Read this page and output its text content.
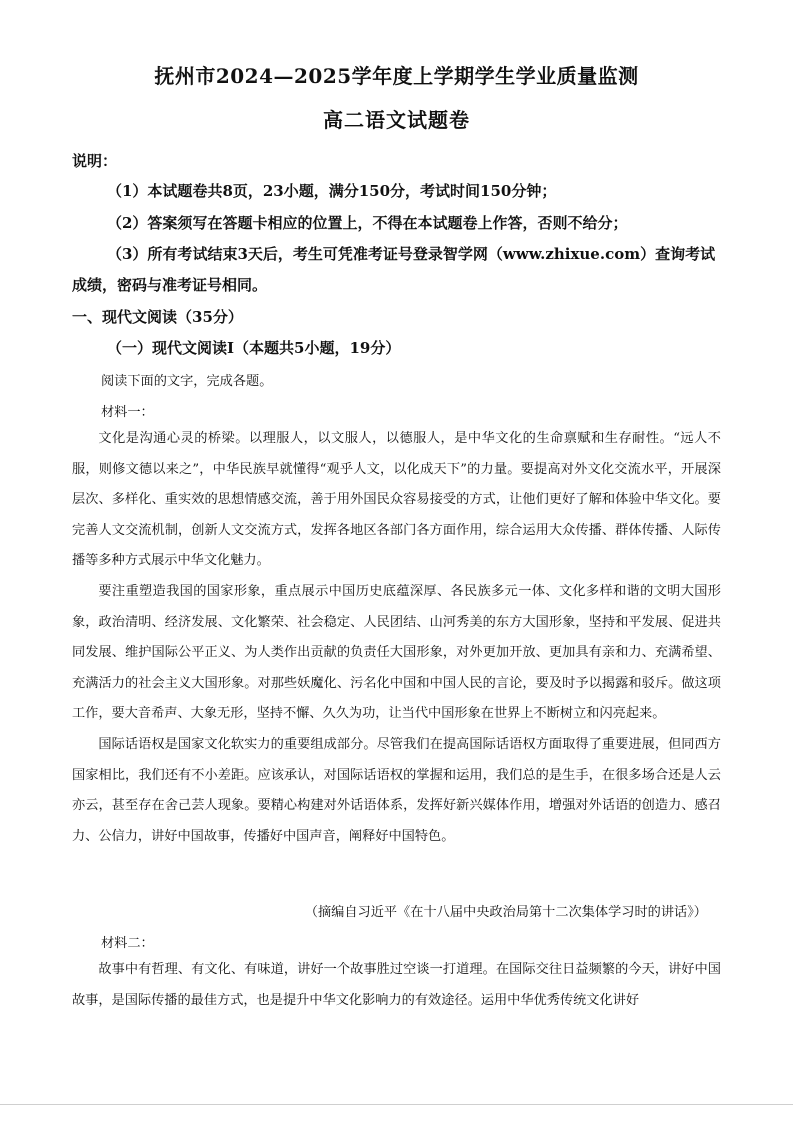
抚州市2024—2025学年度上学期学生学业质量监测
高二语文试题卷
说明：
（1）本试题卷共8页，23小题，满分150分，考试时间150分钟；
（2）答案须写在答题卡相应的位置上，不得在本试题卷上作答，否则不给分；
（3）所有考试结束3天后，考生可凭准考证号登录智学网（www.zhixue.com）查询考试
成绩，密码与准考证号相同。
一、现代文阅读（35分）
（一）现代文阅读Ⅰ（本题共5小题，19分）
阅读下面的文字，完成各题。
材料一：

文化是沟通心灵的桥梁。以理服人，以文服人，以德服人，是中华文化的生命禀赋和生存耐性。“远人不服，则修文德以来之”，中华民族早就懂得“观乎人文，以化成天下”的力量。要提高对外文化交流水平，开展深层次、多样化、重实效的思想情感交流，善于用外国民众容易接受的方式，让他们更好了解和体验中华文化。要完善人文交流机制，创新人文交流方式，发挥各地区各部门各方面作用，综合运用大众传播、群体传播、人际传播等多种方式展示中华文化魅力。

要注重塑造我国的国家形象，重点展示中国历史底蕴深厚、各民族多元一体、文化多样和谐的文明大国形象，政治清明、经济发展、文化繁荣、社会稳定、人民团结、山河秀美的东方大国形象，坚持和平发展、促进共同发展、维护国际公平正义、为人类作出贡献的负责任大国形象，对外更加开放、更加具有亲和力、充满希望、充满活力的社会主义大国形象。对那些妖魔化、污名化中国和中国人民的言论，要及时予以揭露和驳斥。做这项工作，要大音希声、大象无形，坚持不懈、久久为功，让当代中国形象在世界上不断树立和闪亮起来。

国际话语权是国家文化软实力的重要组成部分。尽管我们在提高国际话语权方面取得了重要进展，但同西方国家相比，我们还有不小差距。应该承认，对国际话语权的掌握和运用，我们总的是生手，在很多场合还是人云亦云，甚至存在舍己芸人现象。要精心构建对外话语体系，发挥好新兴媒体作用，增强对外话语的创造力、感召力、公信力，讲好中国故事，传播好中国声音，阐释好中国特色。

（摘编自习近平《在十八届中央政治局第十二次集体学习时的讲话》）
材料二：

故事中有哲理、有文化、有味道，讲好一个故事胜过空谈一打道理。在国际交往日益频繁的今天，讲好中国故事，是国际传播的最佳方式，也是提升中华文化影响力的有效途径。运用中华优秀传统文化讲好
